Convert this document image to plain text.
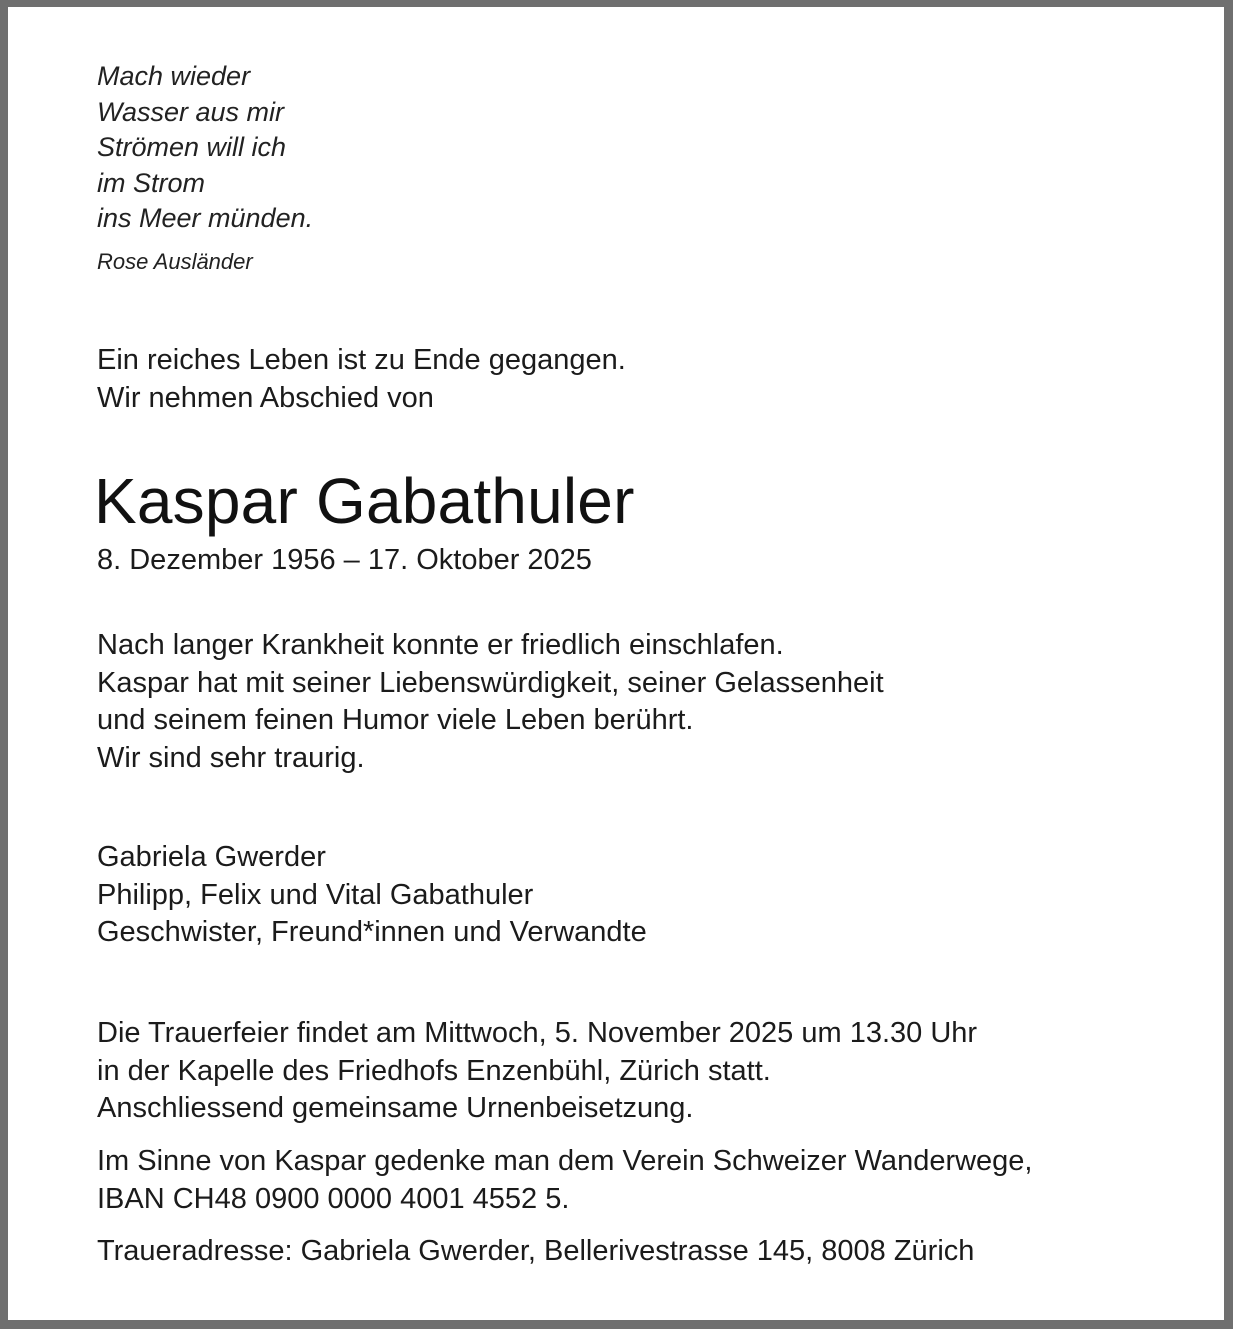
Mach wieder
Wasser aus mir
Strömen will ich
im Strom
ins Meer münden.
Rose Ausländer
Ein reiches Leben ist zu Ende gegangen.
Wir nehmen Abschied von
Kaspar Gabathuler
8. Dezember 1956 – 17. Oktober 2025
Nach langer Krankheit konnte er friedlich einschlafen.
Kaspar hat mit seiner Liebenswürdigkeit, seiner Gelassenheit
und seinem feinen Humor viele Leben berührt.
Wir sind sehr traurig.
Gabriela Gwerder
Philipp, Felix und Vital Gabathuler
Geschwister, Freund*innen und Verwandte
Die Trauerfeier findet am Mittwoch, 5. November 2025 um 13.30 Uhr
in der Kapelle des Friedhofs Enzenbühl, Zürich statt.
Anschliessend gemeinsame Urnenbeisetzung.
Im Sinne von Kaspar gedenke man dem Verein Schweizer Wanderwege,
IBAN CH48 0900 0000 4001 4552 5.
Traueradresse: Gabriela Gwerder, Bellerivestrasse 145, 8008 Zürich
